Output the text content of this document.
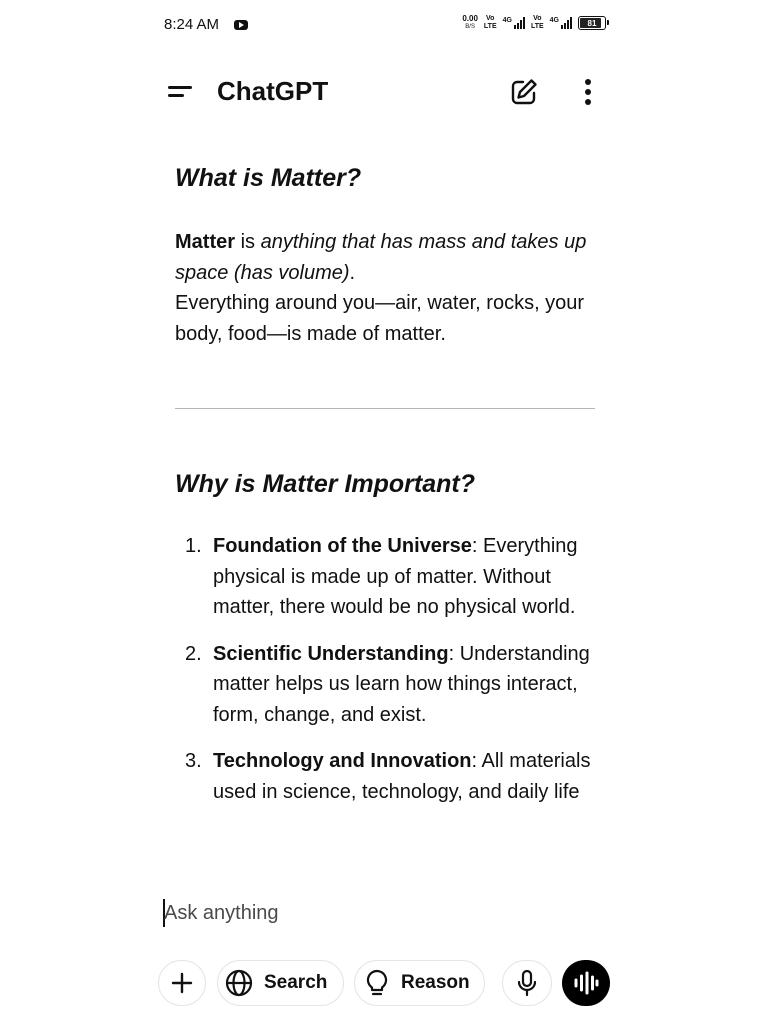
8:24 AM	0.00
B/S
Vo
LTE
4G	Vo
LTE
4G	81
ChatGPT
What is Matter?
Matter is anything that has mass and takes up space (has volume).
Everything around you—air, water, rocks, your body, food—is made of matter.
Why is Matter Important?
1. Foundation of the Universe: Everything physical is made up of matter. Without matter, there would be no physical world.
2. Scientific Understanding: Understanding matter helps us learn how things interact, form, change, and exist.
3. Technology and Innovation: All materials used in science, technology, and daily life
Ask anything
Search	Reason
